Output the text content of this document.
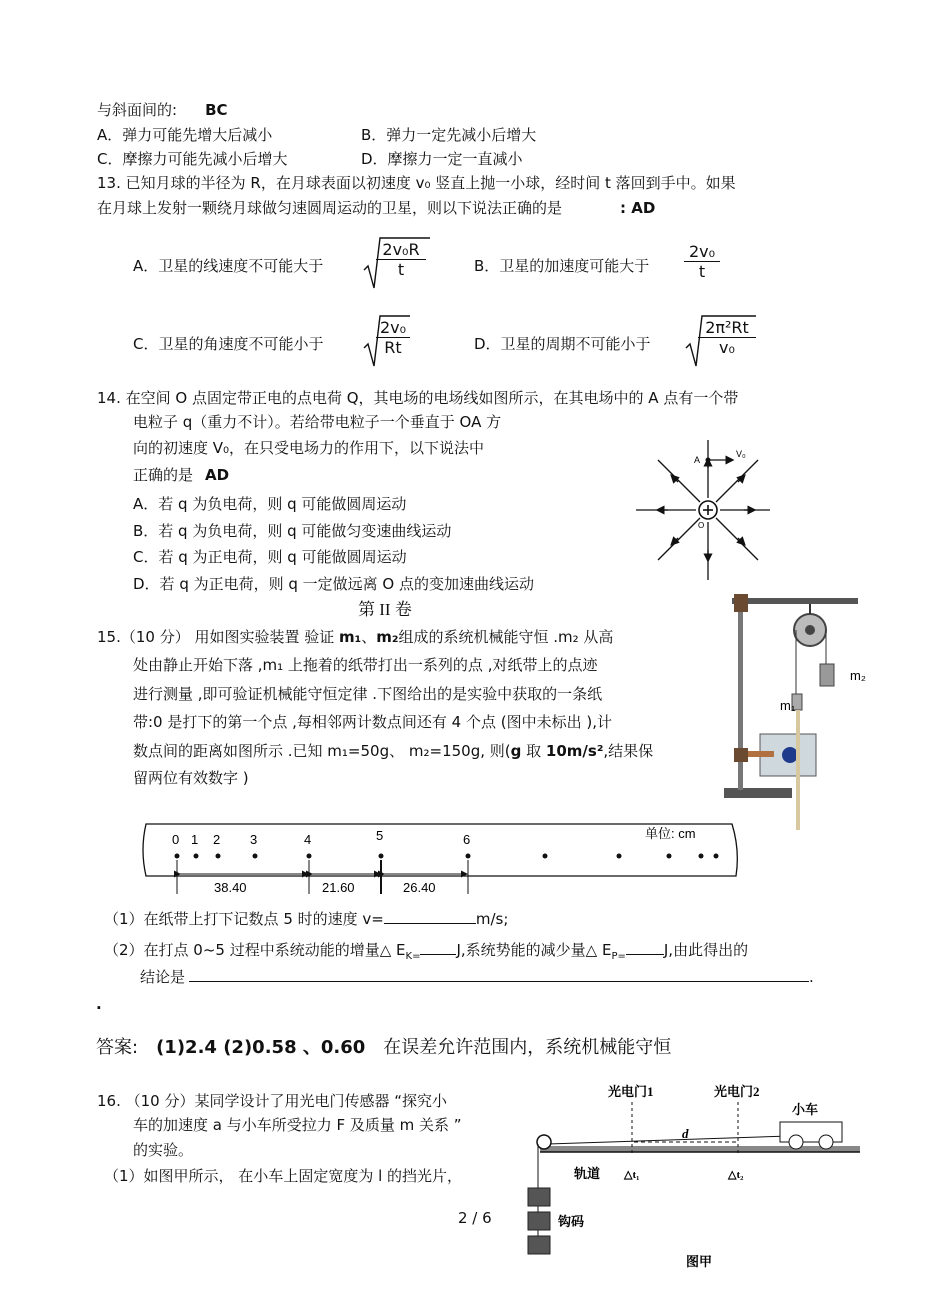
与斜面间的: BC
A．弹力可能先增大后减小	B．弹力一定先减小后增大
C．摩擦力可能先减小后增大	D．摩擦力一定一直减小
13. 已知月球的半径为 R，在月球表面以初速度 v₀ 竖直上抛一小球，经时间 t 落回到手中。如果
在月球上发射一颗绕月球做匀速圆周运动的卫星，则以下说法正确的是	: AD
A．卫星的线速度不可能大于	$\frac{\text{2v₀R}}{t}$	B．卫星的加速度可能大于 $\frac{\text{2v₀}}{t}$
C．卫星的角速度不可能小于	$\frac{\text{2v₀}}{Rt}$	D．卫星的周期不可能小于	$\frac{\text{2π²Rt}}{\text{v₀}}$
14. 在空间 O 点固定带正电的点电荷 Q，其电场的电场线如图所示，在其电场中的 A 点有一个带
电粒子 q（重力不计）。若给带电粒子一个垂直于 OA 方
向的初速度 V₀，在只受电场力的作用下，以下说法中
正确的是 AD
A．若 q 为负电荷，则 q 可能做圆周运动
B．若 q 为负电荷，则 q 可能做匀变速曲线运动
C．若 q 为正电荷，则 q 可能做圆周运动
D．若 q 为正电荷，则 q 一定做远离 O 点的变加速曲线运动
A
V₀
O
第 II 卷
15.（10 分） 用如图实验装置 验证 m₁、m₂组成的系统机械能守恒 .m₂ 从高
处由静止开始下落 ,m₁ 上拖着的纸带打出一系列的点 ,对纸带上的点迹
进行测量 ,即可验证机械能守恒定律 .下图给出的是实验中获取的一条纸
带:0 是打下的第一个点 ,每相邻两计数点间还有 4 个点 (图中未标出 ),计
数点间的距离如图所示 .已知 m₁=50g、 m₂=150g, 则(g 取 10m/s²,结果保
留两位有效数字 )
m₂
m₁
0 1 2 3	4	5	6
38.40	21.60	26.40
单位: cm
（1）在纸带上打下记数点 5 时的速度 v=	m/s;
（2）在打点 0~5 过程中系统动能的增量△ $E_{K=}$ J,系统势能的减少量△ $E_{P=}$	J,由此得出的
结论是	.
.
答案: (1)2.4 (2)0.58 、0.60 在误差允许范围内，系统机械能守恒
16. （10 分）某同学设计了用光电门传感器 “探究小
车的加速度 a 与小车所受拉力 F 及质量 m 关系 ”
的实验。
（1）如图甲所示， 在小车上固定宽度为 l 的挡光片，
光电门1	光电门2
小车
轨道
d
△t₁	△t₂
钩码
图甲
2 / 6
